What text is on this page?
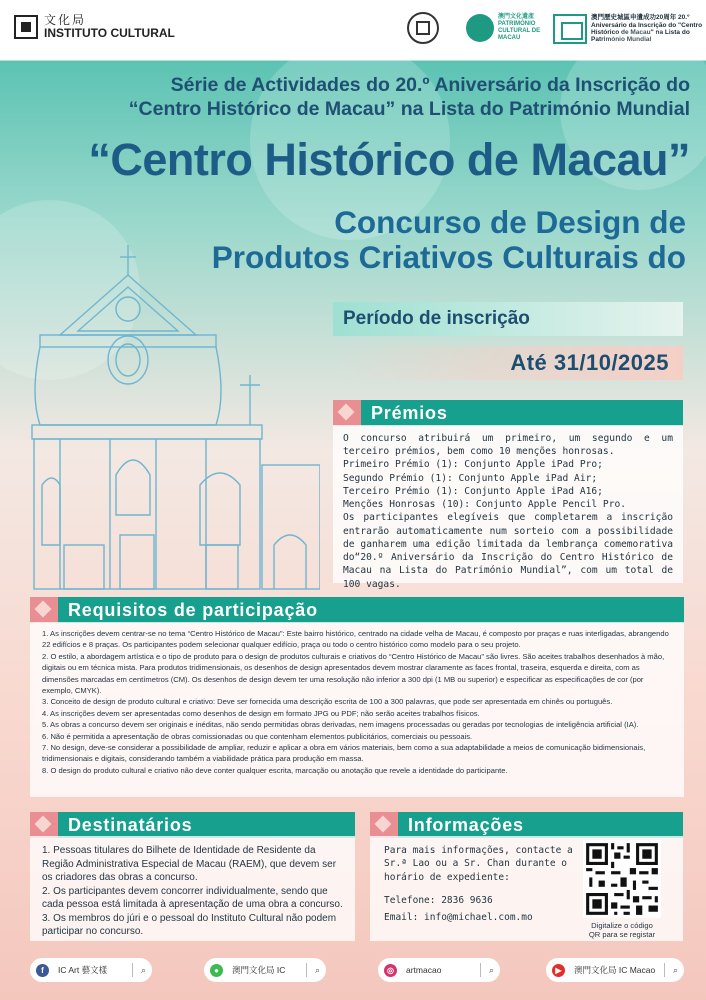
文化局
INSTITUTO CULTURAL
澳門文化遺產 PATRIMÓNIO CULTURAL DE MACAU
澳門歷史城區申遺成功20周年 20.º Aniversário da Inscrição do "Centro Histórico de Macau" na Lista do Património Mundial
Série de Actividades do 20.º Aniversário da Inscrição do
“Centro Histórico de Macau” na Lista do Património Mundial
“Centro Histórico de Macau”
Concurso de Design de
Produtos Criativos Culturais do
Período de inscrição
Até 31/10/2025
Prémios

O concurso atribuirá um primeiro, um segundo e um terceiro prémios, bem como 10 menções honrosas.

Primeiro Prémio (1): Conjunto Apple iPad Pro;

Segundo Prémio (1): Conjunto Apple iPad Air;

Terceiro Prémio (1): Conjunto Apple iPad A16;

Menções Honrosas (10): Conjunto Apple Pencil Pro.

Os participantes elegíveis que completarem a inscrição entrarão automaticamente num sorteio com a possibilidade de ganharem uma edição limitada da lembrança comemorativa do“20.º Aniversário da Inscrição do Centro Histórico de Macau na Lista do Património Mundial”, com um total de 100 vagas.

Requisitos de participação
1. As inscrições devem centrar-se no tema “Centro Histórico de Macau”: Este bairro histórico, centrado na cidade velha de Macau, é composto por praças e ruas interligadas, abrangendo 22 edifícios e 8 praças. Os participantes podem selecionar qualquer edifício, praça ou todo o centro histórico como modelo para o seu projeto.
2. O estilo, a abordagem artística e o tipo de produto para o design de produtos culturais e criativos do “Centro Histórico de Macau” são livres. São aceites trabalhos desenhados à mão, digitais ou em técnica mista. Para produtos tridimensionais, os desenhos de design apresentados devem mostrar claramente as faces frontal, traseira, esquerda e direita, com as dimensões marcadas em centímetros (CM). Os desenhos de design devem ter uma resolução não inferior a 300 dpi (1 MB ou superior) e especificar as especificações de cor (por exemplo, CMYK).
3. Conceito de design de produto cultural e criativo: Deve ser fornecida uma descrição escrita de 100 a 300 palavras, que pode ser apresentada em chinês ou português.
4. As inscrições devem ser apresentadas como desenhos de design em formato JPG ou PDF; não serão aceites trabalhos físicos.
5. As obras a concurso devem ser originais e inéditas, não sendo permitidas obras derivadas, nem imagens processadas ou geradas por tecnologias de inteligência artificial (IA).
6. Não é permitida a apresentação de obras comissionadas ou que contenham elementos publicitários, comerciais ou pessoais.
7. No design, deve-se considerar a possibilidade de ampliar, reduzir e aplicar a obra em vários materiais, bem como a sua adaptabilidade a meios de comunicação bidimensionais, tridimensionais e digitais, considerando também a viabilidade prática para produção em massa.
8. O design do produto cultural e criativo não deve conter qualquer escrita, marcação ou anotação que revele a identidade do participante.
Destinatários
1. Pessoas titulares do Bilhete de Identidade de Residente da Região Administrativa Especial de Macau (RAEM), que devem ser os criadores das obras a concurso.
2. Os participantes devem concorrer individualmente, sendo que cada pessoa está limitada à apresentação de uma obra a concurso.
3. Os membros do júri e o pessoal do Instituto Cultural não podem participar no concurso.
Informações
Para mais informações, contacte a Sr.ª Lao ou a Sr. Chan durante o horário de expediente:
Telefone: 2836 9636
Email: info@michael.com.mo
Digitalize o código
QR para se registar
f	IC Art 藝文樣	⌕	●	澳門文化局 IC	⌕	◎	artmacao	⌕	▶	澳門文化局 IC Macao	⌕
